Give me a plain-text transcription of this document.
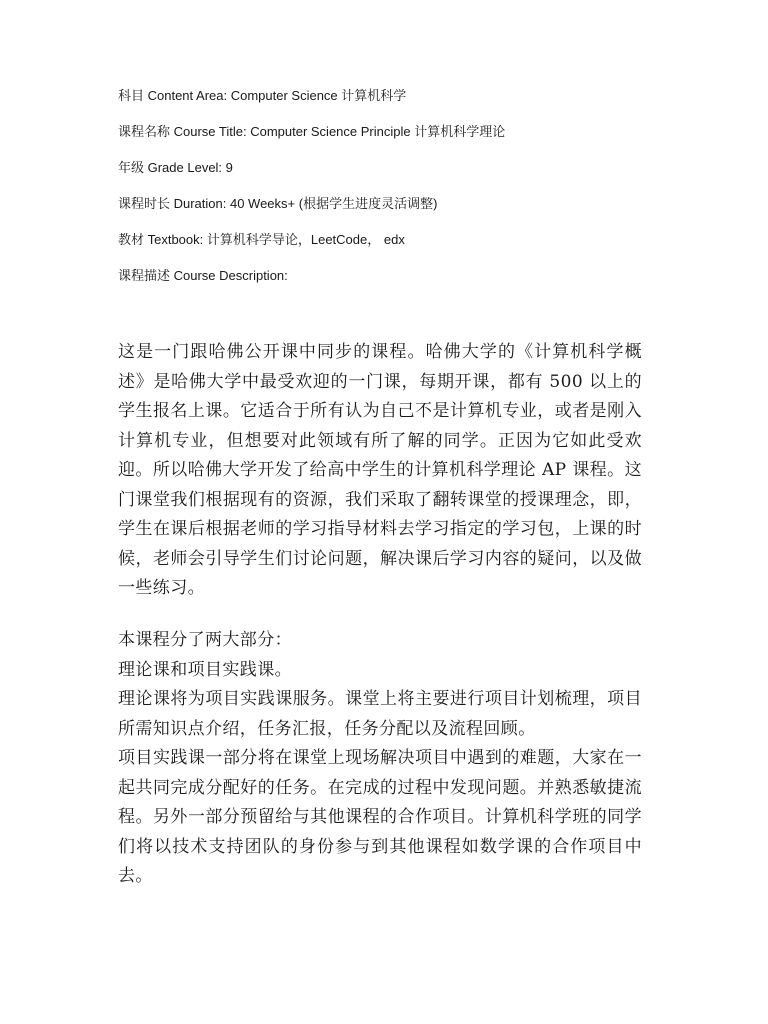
科目 Content Area: Computer Science 计算机科学
课程名称 Course Title: Computer Science Principle 计算机科学理论
年级 Grade Level: 9
课程时长 Duration: 40 Weeks+ (根据学生进度灵活调整)
教材 Textbook: 计算机科学导论，LeetCode， edx
课程描述 Course Description:

这是一门跟哈佛公开课中同步的课程。哈佛大学的《计算机科学概述》是哈佛大学中最受欢迎的一门课，每期开课，都有 500 以上的学生报名上课。它适合于所有认为自己不是计算机专业，或者是刚入计算机专业，但想要对此领域有所了解的同学。正因为它如此受欢迎。所以哈佛大学开发了给高中学生的计算机科学理论 AP 课程。这门课堂我们根据现有的资源，我们采取了翻转课堂的授课理念，即，学生在课后根据老师的学习指导材料去学习指定的学习包，上课的时候，老师会引导学生们讨论问题，解决课后学习内容的疑问，以及做一些练习。

本课程分了两大部分：

理论课和项目实践课。

理论课将为项目实践课服务。课堂上将主要进行项目计划梳理，项目所需知识点介绍，任务汇报，任务分配以及流程回顾。

项目实践课一部分将在课堂上现场解决项目中遇到的难题，大家在一起共同完成分配好的任务。在完成的过程中发现问题。并熟悉敏捷流程。另外一部分预留给与其他课程的合作项目。计算机科学班的同学们将以技术支持团队的身份参与到其他课程如数学课的合作项目中去。
